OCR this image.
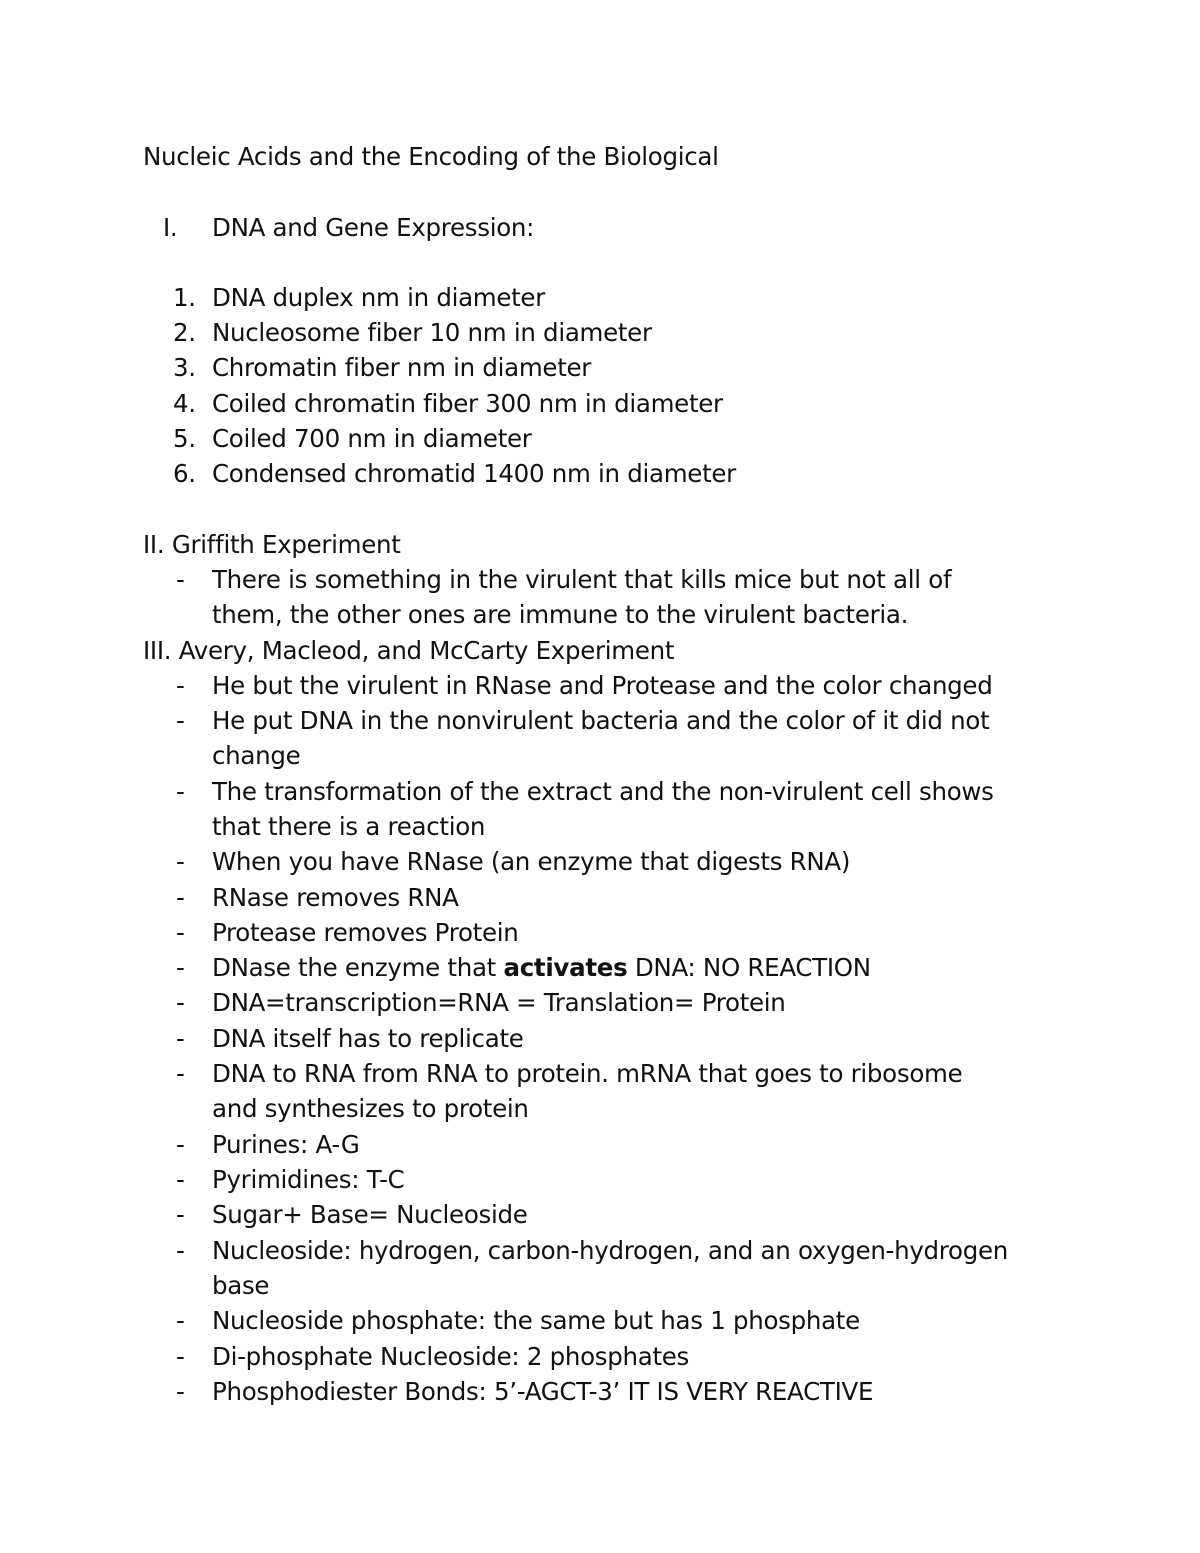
Nucleic Acids and the Encoding of the Biological
I. DNA and Gene Expression:
1. DNA duplex nm in diameter
2. Nucleosome fiber 10 nm in diameter
3. Chromatin fiber nm in diameter
4. Coiled chromatin fiber 300 nm in diameter
5. Coiled 700 nm in diameter
6. Condensed chromatid 1400 nm in diameter
II. Griffith Experiment
- There is something in the virulent that kills mice but not all of
them, the other ones are immune to the virulent bacteria.
III. Avery, Macleod, and McCarty Experiment
- He but the virulent in RNase and Protease and the color changed
- He put DNA in the nonvirulent bacteria and the color of it did not
change
- The transformation of the extract and the non-virulent cell shows
that there is a reaction
- When you have RNase (an enzyme that digests RNA)
- RNase removes RNA
- Protease removes Protein
- DNase the enzyme that activates DNA: NO REACTION
- DNA=transcription=RNA = Translation= Protein
- DNA itself has to replicate
- DNA to RNA from RNA to protein. mRNA that goes to ribosome
and synthesizes to protein
- Purines: A-G
- Pyrimidines: T-C
- Sugar+ Base= Nucleoside
- Nucleoside: hydrogen, carbon-hydrogen, and an oxygen-hydrogen
base
- Nucleoside phosphate: the same but has 1 phosphate
- Di-phosphate Nucleoside: 2 phosphates
- Phosphodiester Bonds: 5’-AGCT-3’ IT IS VERY REACTIVE
